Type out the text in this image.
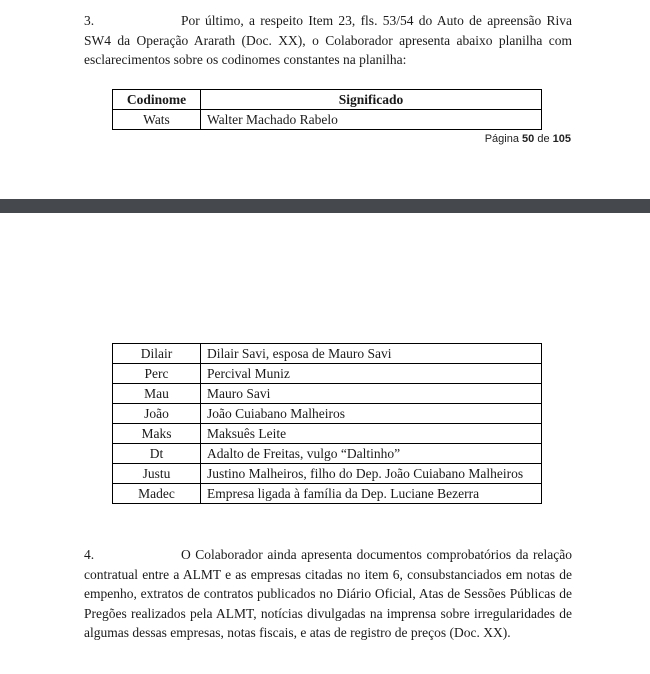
3.	Por último, a respeito Item 23, fls. 53/54 do Auto de apreensão Riva SW4 da Operação Ararath (Doc. XX), o Colaborador apresenta abaixo planilha com esclarecimentos sobre os codinomes constantes na planilha:

Codinome	Significado
Wats	Walter Machado Rabelo
Página 50 de 105
Dilair	Dilair Savi, esposa de Mauro Savi
Perc	Percival Muniz
Mau	Mauro Savi
João	João Cuiabano Malheiros
Maks	Maksuês Leite
Dt	Adalto de Freitas, vulgo “Daltinho”
Justu	Justino Malheiros, filho do Dep. João Cuiabano Malheiros
Madec	Empresa ligada à família da Dep. Luciane Bezerra

4.	O Colaborador ainda apresenta documentos comprobatórios da relação contratual entre a ALMT e as empresas citadas no item 6, consubstanciados em notas de empenho, extratos de contratos publicados no Diário Oficial, Atas de Sessões Públicas de Pregões realizados pela ALMT, notícias divulgadas na imprensa sobre irregularidades de algumas dessas empresas, notas fiscais, e atas de registro de preços (Doc. XX).
